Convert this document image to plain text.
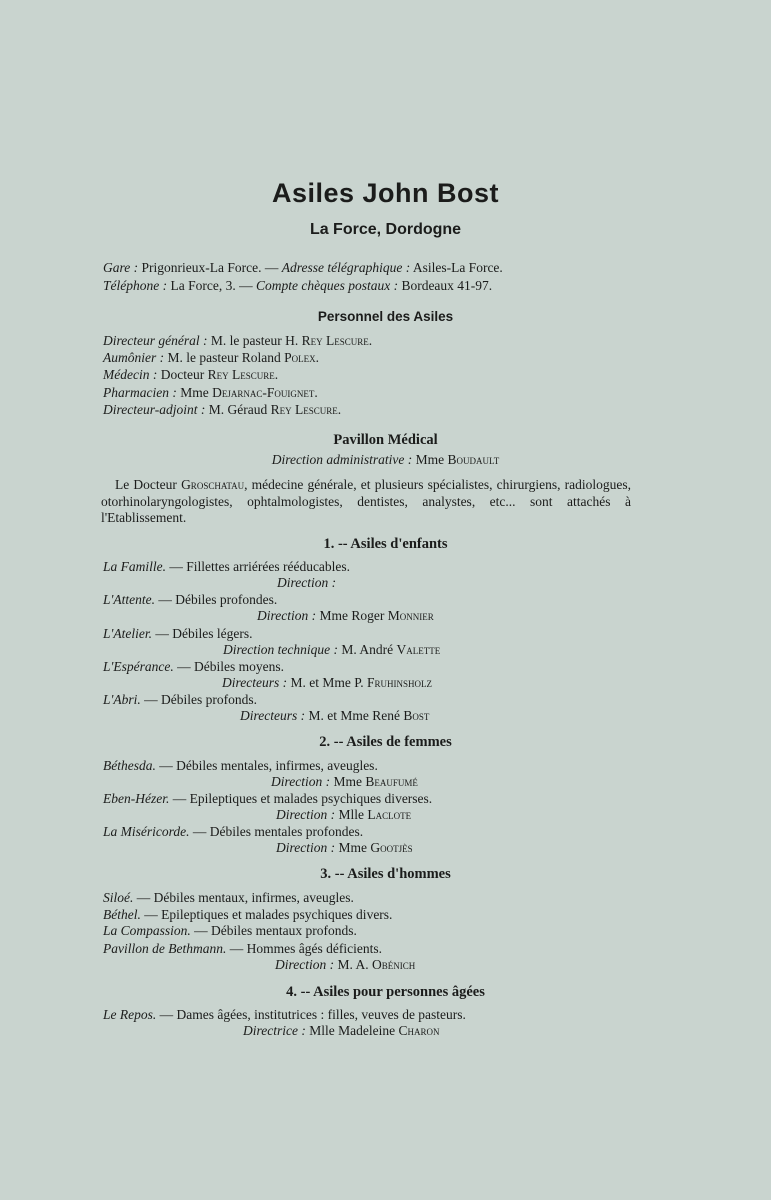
Asiles John Bost
La Force, Dordogne
Gare : Prigonrieux-La Force. — Adresse télégraphique : Asiles-La Force.
Téléphone : La Force, 3. — Compte chèques postaux : Bordeaux 41-97.
Personnel des Asiles
Directeur général : M. le pasteur H. Rey Lescure.
Aumônier : M. le pasteur Roland Polex.
Médecin : Docteur Rey Lescure.
Pharmacien : Mme Dejarnac-Fouignet.
Directeur-adjoint : M. Géraud Rey Lescure.
Pavillon Médical
Direction administrative : Mme Boudault
Le Docteur Groschatau, médecine générale, et plusieurs spécialistes, chirurgiens, radiologues, otorhinolaryngologistes, ophtalmologistes, dentistes, analystes, etc... sont attachés à l'Etablissement.
1. -- Asiles d'enfants
La Famille. — Fillettes arriérées rééducables.
Direction :
L'Attente. — Débiles profondes.
Direction : Mme Roger Monnier
L'Atelier. — Débiles légers.
Direction technique : M. André Valette
L'Espérance. — Débiles moyens.
Directeurs : M. et Mme P. Fruhinsholz
L'Abri. — Débiles profonds.
Directeurs : M. et Mme René Bost
2. -- Asiles de femmes
Béthesda. — Débiles mentales, infirmes, aveugles.
Direction : Mme Beaufumé
Eben-Hézer. — Epileptiques et malades psychiques diverses.
Direction : Mlle Laclote
La Miséricorde. — Débiles mentales profondes.
Direction : Mme Gootjès
3. -- Asiles d'hommes
Siloé. — Débiles mentaux, infirmes, aveugles.
Béthel. — Epileptiques et malades psychiques divers.
La Compassion. — Débiles mentaux profonds.
Pavillon de Bethmann. — Hommes âgés déficients.
Direction : M. A. Obénich
4. -- Asiles pour personnes âgées
Le Repos. — Dames âgées, institutrices : filles, veuves de pasteurs.
Directrice : Mlle Madeleine Charon
